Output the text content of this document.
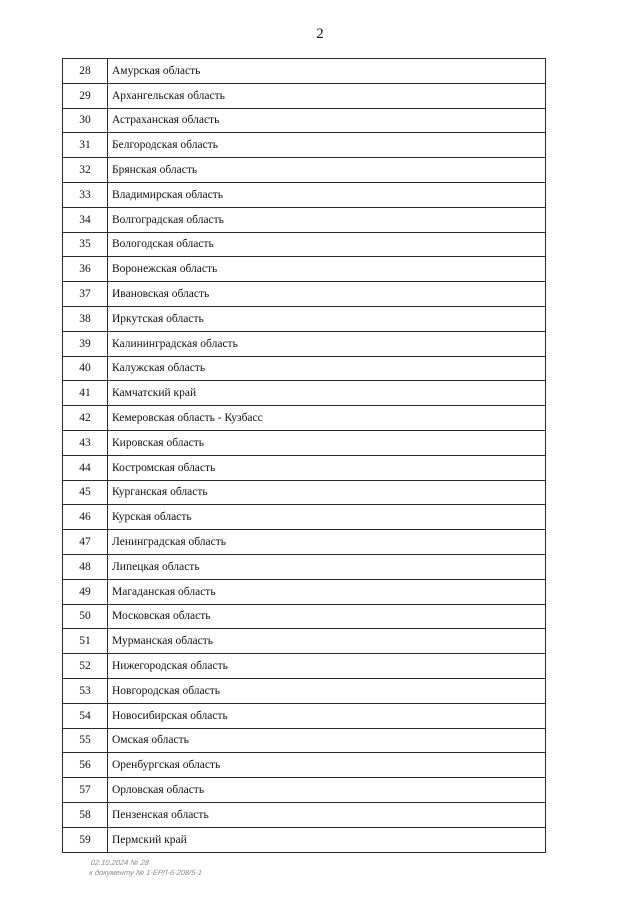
2
28	Амурская область
29	Архангельская область
30	Астраханская область
31	Белгородская область
32	Брянская область
33	Владимирская область
34	Волгоградская область
35	Вологодская область
36	Воронежская область
37	Ивановская область
38	Иркутская область
39	Калининградская область
40	Калужская область
41	Камчатский край
42	Кемеровская область - Кузбасс
43	Кировская область
44	Костромская область
45	Курганская область
46	Курская область
47	Ленинградская область
48	Липецкая область
49	Магаданская область
50	Московская область
51	Мурманская область
52	Нижегородская область
53	Новгородская область
54	Новосибирская область
55	Омская область
56	Оренбургская область
57	Орловская область
58	Пензенская область
59	Пермский край
02.10.2024 № 28
к документу № 1-ЕРЛ-6-208/5-1
